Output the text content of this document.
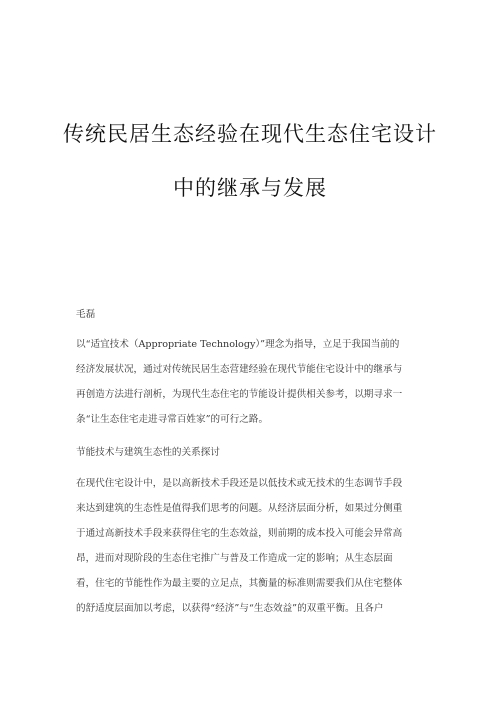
传统民居生态经验在现代生态住宅设计
中的继承与发展
毛磊
以“适宜技术（Appropriate Technology）”理念为指导，立足于我国当前的
经济发展状况，通过对传统民居生态营建经验在现代节能住宅设计中的继承与
再创造方法进行剖析，为现代生态住宅的节能设计提供相关参考，以期寻求一
条“让生态住宅走进寻常百姓家”的可行之路。
节能技术与建筑生态性的关系探讨
在现代住宅设计中，是以高新技术手段还是以低技术或无技术的生态调节手段
来达到建筑的生态性是值得我们思考的问题。从经济层面分析，如果过分侧重
于通过高新技术手段来获得住宅的生态效益，则前期的成本投入可能会异常高
昂，进而对现阶段的生态住宅推广与普及工作造成一定的影响；从生态层面
看，住宅的节能性作为最主要的立足点，其衡量的标准则需要我们从住宅整体
的舒适度层面加以考虑，以获得“经济”与“生态效益”的双重平衡。且各户
